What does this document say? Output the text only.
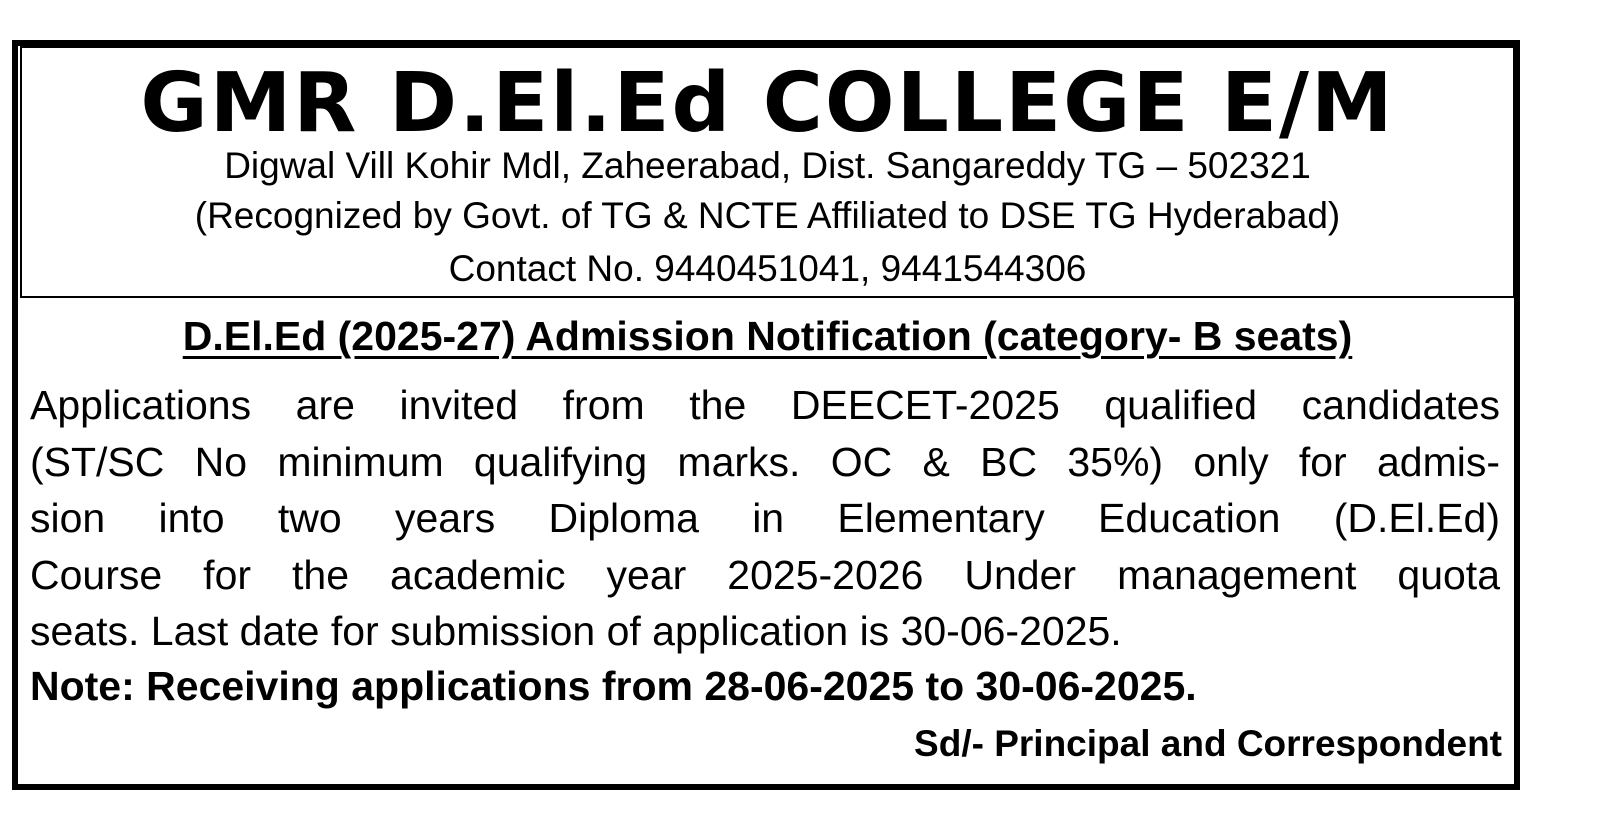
GMR D.El.Ed COLLEGE E/M
Digwal Vill Kohir Mdl, Zaheerabad, Dist. Sangareddy TG – 502321
(Recognized by Govt. of TG & NCTE Affiliated to DSE TG Hyderabad)
Contact No. 9440451041, 9441544306
D.El.Ed (2025-27) Admission Notification (category- B seats)
Applications are invited from the DEECET-2025 qualified candidates
(ST/SC No minimum qualifying marks. OC & BC 35%) only for admis-
sion into two years Diploma in Elementary Education (D.El.Ed)
Course for the academic year 2025-2026 Under management quota
seats. Last date for submission of application is 30-06-2025.
Note: Receiving applications from 28-06-2025 to 30-06-2025.
Sd/- Principal and Correspondent
